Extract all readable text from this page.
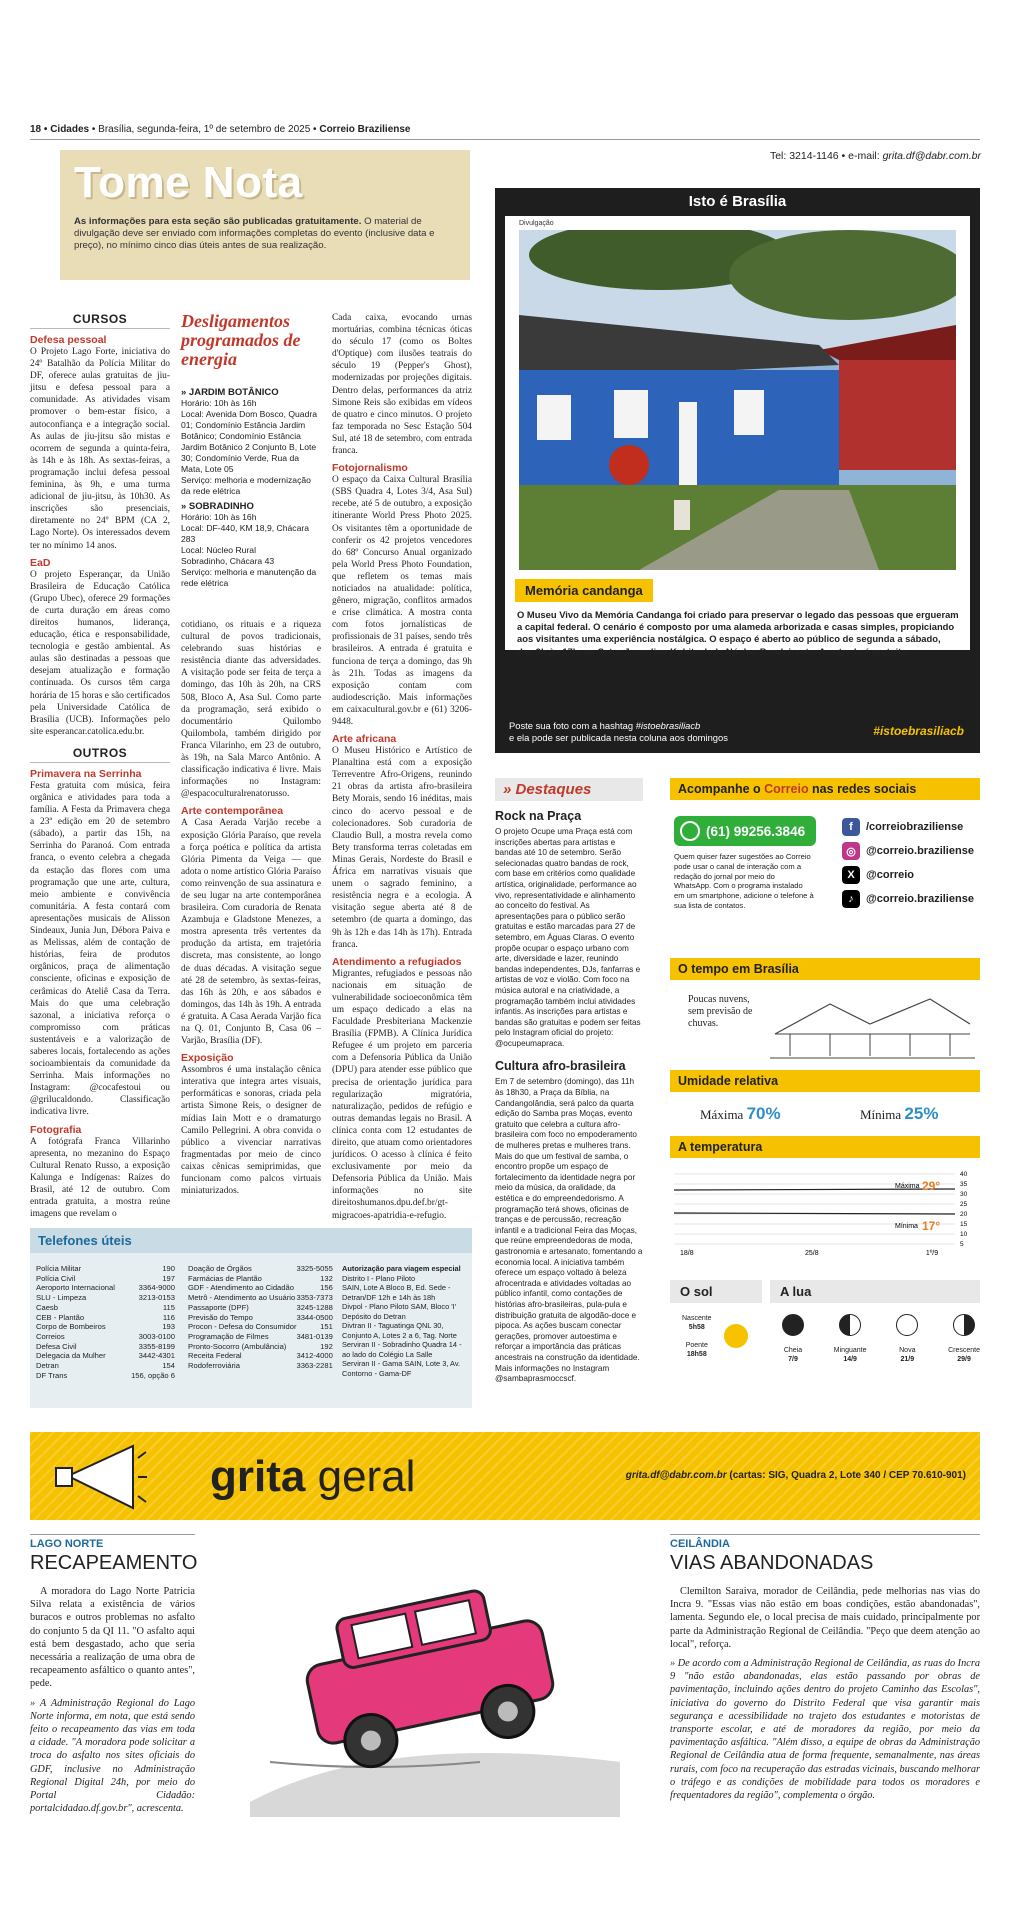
18 • Cidades • Brasília, segunda-feira, 1º de setembro de 2025 • Correio Braziliense
Tel: 3214-1146 • e-mail: grita.df@dabr.com.br
Tome Nota
As informações para esta seção são publicadas gratuitamente. O material de divulgação deve ser enviado com informações completas do evento (inclusive data e preço), no mínimo cinco dias úteis antes de sua realização.
CURSOS
Defesa pessoal

O Projeto Lago Forte, iniciativa do 24º Batalhão da Polícia Militar do DF, oferece aulas gratuitas de jiu-jitsu e defesa pessoal para a comunidade. As atividades visam promover o bem-estar físico, a autoconfiança e a integração social. As aulas de jiu-jitsu são mistas e ocorrem de segunda a quinta-feira, às 14h e às 18h. As sextas-feiras, a programação inclui defesa pessoal feminina, às 9h, e uma turma adicional de jiu-jitsu, às 10h30. As inscrições são presenciais, diretamente no 24º BPM (CA 2, Lago Norte). Os interessados devem ter no mínimo 14 anos.

EaD

O projeto Esperançar, da União Brasileira de Educação Católica (Grupo Ubec), oferece 29 formações de curta duração em áreas como direitos humanos, liderança, educação, ética e responsabilidade, tecnologia e gestão ambiental. As aulas são destinadas a pessoas que desejam atualização e formação continuada. Os cursos têm carga horária de 15 horas e são certificados pela Universidade Católica de Brasília (UCB). Informações pelo site esperancar.catolica.edu.br.

OUTROS
Primavera na Serrinha

Festa gratuita com música, feira orgânica e atividades para toda a família. A Festa da Primavera chega a 23ª edição em 20 de setembro (sábado), a partir das 15h, na Serrinha do Paranoá. Com entrada franca, o evento celebra a chegada da estação das flores com uma programação que une arte, cultura, meio ambiente e convivência comunitária. A festa contará com apresentações musicais de Alisson Sindeaux, Junia Jun, Débora Paiva e as Melissas, além de contação de histórias, feira de produtos orgânicos, praça de alimentação consciente, oficinas e exposição de cerâmicas do Ateliê Casa da Terra. Mais do que uma celebração sazonal, a iniciativa reforça o compromisso com práticas sustentáveis e a valorização de saberes locais, fortalecendo as ações socioambientais da comunidade da Serrinha. Mais informações no Instagram: @cocafestoui ou @grilucaldondo. Classificação indicativa livre.

Fotografia

A fotógrafa Franca Villarinho apresenta, no mezanino do Espaço Cultural Renato Russo, a exposição Kalunga e Indígenas: Raízes do Brasil, até 12 de outubro. Com entrada gratuita, a mostra reúne imagens que revelam o

Desligamentos programados de energia
» JARDIM BOTÂNICO

Horário: 10h às 16h
Local: Avenida Dom Bosco, Quadra 01; Condomínio Estância Jardim Botânico; Condomínio Estância Jardim Botânico 2 Conjunto B, Lote 30; Condomínio Verde, Rua da Mata, Lote 05
Serviço: melhoria e modernização da rede elétrica

» SOBRADINHO

Horário: 10h às 16h
Local: DF-440, KM 18,9, Chácara 283
Local: Núcleo Rural
Sobradinho, Chácara 43
Serviço: melhoria e manutenção da rede elétrica

cotidiano, os rituais e a riqueza cultural de povos tradicionais, celebrando suas histórias e resistência diante das adversidades. A visitação pode ser feita de terça a domingo, das 10h às 20h, na CRS 508, Bloco A, Asa Sul. Como parte da programação, será exibido o documentário Quilombo Quilombola, também dirigido por Franca Vilarinho, em 23 de outubro, às 19h, na Sala Marco Antônio. A classificação indicativa é livre. Mais informações no Instagram: @espacoculturalrenatorusso.

Arte contemporânea

A Casa Aerada Varjão recebe a exposição Glória Paraíso, que revela a força poética e política da artista Glória Pimenta da Veiga — que adota o nome artístico Glória Paraíso como reinvenção de sua assinatura e de seu lugar na arte contemporânea brasileira. Com curadoria de Renata Azambuja e Gladstone Menezes, a mostra apresenta três vertentes da produção da artista, em trajetória discreta, mas consistente, ao longo de duas décadas. A visitação segue até 28 de setembro, às sextas-feiras, das 16h às 20h, e aos sábados e domingos, das 14h às 19h. A entrada é gratuita. A Casa Aerada Varjão fica na Q. 01, Conjunto B, Casa 06 – Varjão, Brasília (DF).

Exposição

Assombros é uma instalação cênica interativa que integra artes visuais, performáticas e sonoras, criada pela artista Simone Reis, o designer de mídias Iain Mott e o dramaturgo Camilo Pellegrini. A obra convida o público a vivenciar narrativas fragmentadas por meio de cinco caixas cênicas semiprimidas, que funcionam como palcos virtuais miniaturizados.

Cada caixa, evocando urnas mortuárias, combina técnicas óticas do século 17 (como os Boltes d'Optique) com ilusões teatrais do século 19 (Pepper's Ghost), modernizadas por projeções digitais. Dentro delas, performances da atriz Simone Reis são exibidas em vídeos de quatro e cinco minutos. O projeto faz temporada no Sesc Estação 504 Sul, até 18 de setembro, com entrada franca.

Fotojornalismo

O espaço da Caixa Cultural Brasília (SBS Quadra 4, Lotes 3/4, Asa Sul) recebe, até 5 de outubro, a exposição itinerante World Press Photo 2025. Os visitantes têm a oportunidade de conferir os 42 projetos vencedores do 68º Concurso Anual organizado pela World Press Photo Foundation, que refletem os temas mais noticiados na atualidade: política, gênero, migração, conflitos armados e crise climática. A mostra conta com fotos jornalísticas de profissionais de 31 países, sendo três brasileiros. A entrada é gratuita e funciona de terça a domingo, das 9h às 21h. Todas as imagens da exposição contam com audiodescrição. Mais informações em caixacultural.gov.br e (61) 3206-9448.

Arte africana

O Museu Histórico e Artístico de Planaltina está com a exposição Terreventre Afro-Origens, reunindo 21 obras da artista afro-brasileira Bety Morais, sendo 16 inéditas, mais cinco do acervo pessoal e de colecionadores. Sob curadoria de Claudio Bull, a mostra revela como Bety transforma terras coletadas em Minas Gerais, Nordeste do Brasil e África em narrativas visuais que unem o sagrado feminino, a resistência negra e a ecologia. A visitação segue aberta até 8 de setembro (de quarta a domingo, das 9h às 12h e das 14h às 17h). Entrada franca.

Atendimento a refugiados

Migrantes, refugiados e pessoas não nacionais em situação de vulnerabilidade socioeconômica têm um espaço dedicado a elas na Faculdade Presbiteriana Mackenzie Brasília (FPMB). A Clínica Jurídica Refugee é um projeto em parceria com a Defensoria Pública da União (DPU) para atender esse público que precisa de orientação jurídica para regularização migratória, naturalização, pedidos de refúgio e outras demandas legais no Brasil. A clínica conta com 12 estudantes de direito, que atuam como orientadores jurídicos. O acesso à clínica é feito exclusivamente por meio da Defensoria Pública da União. Mais informações no site direitoshumanos.dpu.def.br/gt-migracoes-apatridia-e-refugio.

Telefones úteis
Polícia Militar	190
Polícia Civil	197
Aeroporto Internacional	3364-9000
SLU - Limpeza	3213-0153
Caesb	115
CEB - Plantão	116
Corpo de Bombeiros	193
Correios	3003-0100
Defesa Civil	3355-8199
Delegacia da Mulher	3442-4301
Detran	154
DF Trans	156, opção 6
Doação de Órgãos	3325-5055
Farmácias de Plantão	132
GDF - Atendimento ao Cidadão	156
Metrô - Atendimento ao Usuário	3353-7373
Passaporte (DPF)	3245-1288
Previsão do Tempo	3344-0500
Procon - Defesa do Consumidor	151
Programação de Filmes	3481-0139
Pronto-Socorro (Ambulância)	192
Receita Federal	3412-4000
Rodoferroviária	3363-2281
Autorização para viagem especial
Distrito I - Plano Piloto
SAIN, Lote A Bloco B, Ed. Sede - Detran/DF 12h e 14h às 18h
Divpol - Plano Piloto SAM, Bloco 'I' Depósito do Detran
Divtran II - Taguatinga QNL 30, Conjunto A, Lotes 2 a 6, Tag. Norte
Serviran II - Sobradinho Quadra 14 - ao lado do Colégio La Salle
Serviran II - Gama SAIN, Lote 3, Av. Contorno - Gama-DF
Isto é Brasília
Divulgação
Memória candanga
O Museu Vivo da Memória Candanga foi criado para preservar o legado das pessoas que ergueram a capital federal. O cenário é composto por uma alameda arborizada e casas simples, propiciando aos visitantes uma experiência nostálgica. O espaço é aberto ao público de segunda a sábado, das 9h às 17h, no Setor Juscelino Kubitschek, Núcleo Bandeirante. A entrada é gratuita.
Poste sua foto com a hashtag #istoebrasiliacb
e ela pode ser publicada nesta coluna aos domingos	#istoebrasiliacb
» Destaques
Rock na Praça

O projeto Ocupe uma Praça está com inscrições abertas para artistas e bandas até 10 de setembro. Serão selecionadas quatro bandas de rock, com base em critérios como qualidade artística, originalidade, performance ao vivo, representatividade e alinhamento ao conceito do festival. As apresentações para o público serão gratuitas e estão marcadas para 27 de setembro, em Águas Claras. O evento propõe ocupar o espaço urbano com arte, diversidade e lazer, reunindo bandas independentes, DJs, fanfarras e artistas de voz e violão. Com foco na música autoral e na criatividade, a programação também inclui atividades infantis. As inscrições para artistas e bandas são gratuitas e podem ser feitas pelo Instagram oficial do projeto: @ocupeumapraca.

Cultura afro-brasileira

Em 7 de setembro (domingo), das 11h às 18h30, a Praça da Bíblia, na Candangolândia, será palco da quarta edição do Samba pras Moças, evento gratuito que celebra a cultura afro-brasileira com foco no empoderamento de mulheres pretas e mulheres trans. Mais do que um festival de samba, o encontro propõe um espaço de fortalecimento da identidade negra por meio da música, da oralidade, da estética e do empreendedorismo. A programação terá shows, oficinas de tranças e de percussão, recreação infantil e a tradicional Feira das Moças, que reúne empreendedoras de moda, gastronomia e artesanato, fomentando a economia local. A iniciativa também oferece um espaço voltado à beleza afrocentrada e atividades voltadas ao público infantil, como contações de histórias afro-brasileiras, pula-pula e distribuição gratuita de algodão-doce e pipoca. As ações buscam conectar gerações, promover autoestima e reforçar a importância das práticas ancestrais na construção da identidade. Mais informações no Instagram @sambaprasmoccscf.

Acompanhe o Correio nas redes sociais
(61) 99256.3846
Quem quiser fazer sugestões ao Correio pode usar o canal de interação com a redação do jornal por meio do WhatsApp. Com o programa instalado em um smartphone, adicione o telefone à sua lista de contatos.
f	/correiobraziliense
◎ @correio.braziliense
X	@correio
♪	@correio.braziliense
O tempo em Brasília
Poucas nuvens, sem previsão de chuvas.
Umidade relativa
Máxima 70%	Mínima 25%
A temperatura
1º/9
18/8	25/8
Máxima 29°
Mínima 17°
40
35
30
25
20
15
10
5
O sol
Nascente
5h58

Poente
18h58
A lua
Cheia
7/9
Minguante
14/9
Nova
21/9
Crescente
29/9
grita geral	grita.df@dabr.com.br (cartas: SIG, Quadra 2, Lote 340 / CEP 70.610-901)
LAGO NORTE
RECAPEAMENTO

A moradora do Lago Norte Patricia Silva relata a existência de vários buracos e outros problemas no asfalto do conjunto 5 da QI 11. "O asfalto aqui está bem desgastado, acho que seria necessária a realização de uma obra de recapeamento asfáltico o quanto antes", pede.

» A Administração Regional do Lago Norte informa, em nota, que está sendo feito o recapeamento das vias em toda a cidade. "A moradora pode solicitar a troca do asfalto nos sites oficiais do GDF, inclusive no Administração Regional Digital 24h, por meio do Portal Cidadão: portalcidadao.df.gov.br", acrescenta.

CEILÂNDIA
VIAS ABANDONADAS

Clemilton Saraiva, morador de Ceilândia, pede melhorias nas vias do Incra 9. "Essas vias não estão em boas condições, estão abandonadas", lamenta. Segundo ele, o local precisa de mais cuidado, principalmente por parte da Administração Regional de Ceilândia. "Peço que deem atenção ao local", reforça.

» De acordo com a Administração Regional de Ceilândia, as ruas do Incra 9 "não estão abandonadas, elas estão passando por obras de pavimentação, incluindo ações dentro do projeto Caminho das Escolas", iniciativa do governo do Distrito Federal que visa garantir mais segurança e acessibilidade no trajeto dos estudantes e motoristas de transporte escolar, e até de moradores da região, por meio da pavimentação asfáltica. "Além disso, a equipe de obras da Administração Regional de Ceilândia atua de forma frequente, semanalmente, nas áreas rurais, com foco na recuperação das estradas vicinais, buscando melhorar o tráfego e as condições de mobilidade para todos os moradores e frequentadores da região", complementa o órgão.
